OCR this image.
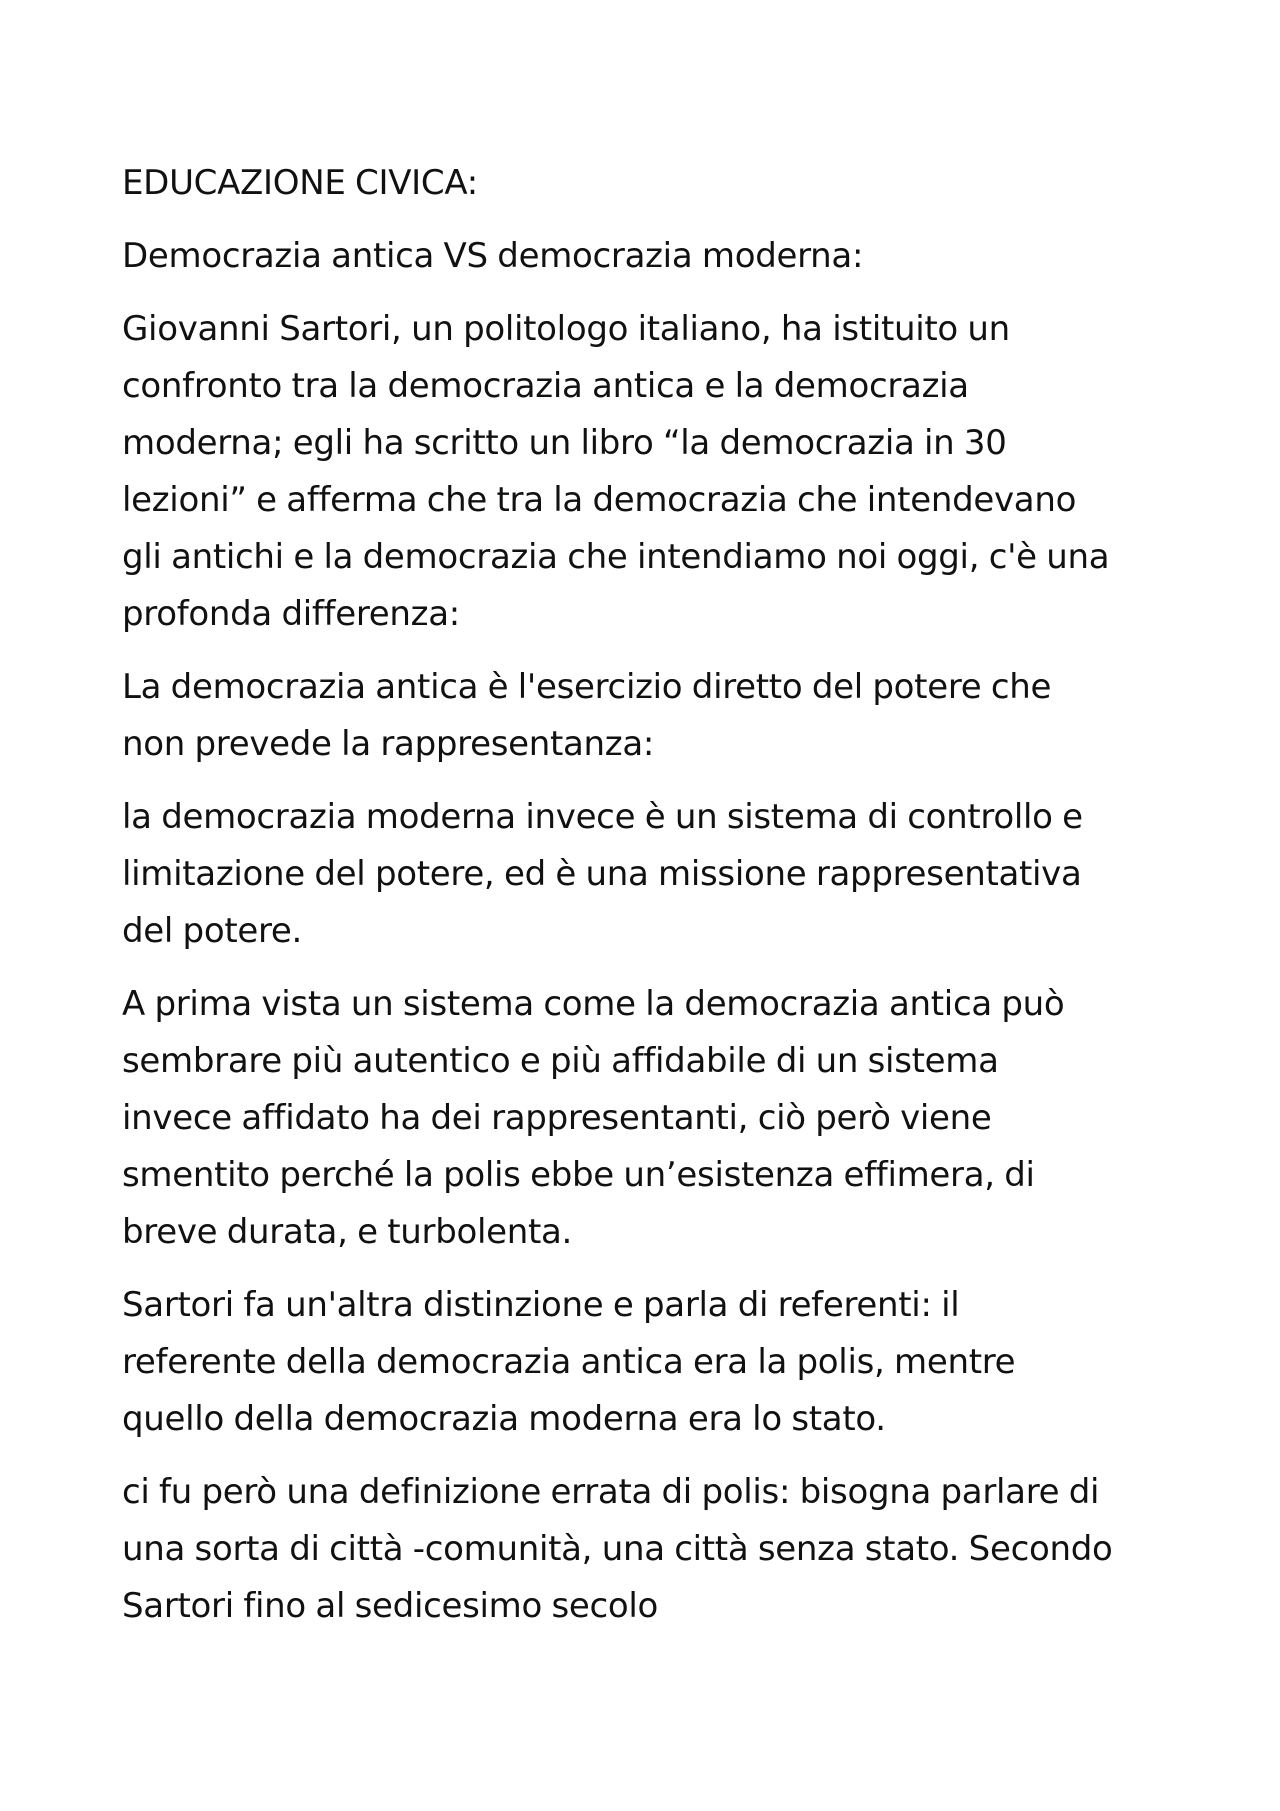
EDUCAZIONE CIVICA:

Democrazia antica VS democrazia moderna:

Giovanni Sartori, un politologo italiano, ha istituito un
confronto tra la democrazia antica e la democrazia
moderna; egli ha scritto un libro “la democrazia in 30
lezioni” e afferma che tra la democrazia che intendevano
gli antichi e la democrazia che intendiamo noi oggi, c'è una
profonda differenza:

La democrazia antica è l'esercizio diretto del potere che
non prevede la rappresentanza:

la democrazia moderna invece è un sistema di controllo e
limitazione del potere, ed è una missione rappresentativa
del potere.

A prima vista un sistema come la democrazia antica può
sembrare più autentico e più affidabile di un sistema
invece affidato ha dei rappresentanti, ciò però viene
smentito perché la polis ebbe un’esistenza effimera, di
breve durata, e turbolenta.

Sartori fa un'altra distinzione e parla di referenti: il
referente della democrazia antica era la polis, mentre
quello della democrazia moderna era lo stato.

ci fu però una definizione errata di polis: bisogna parlare di
una sorta di città -comunità, una città senza stato. Secondo
Sartori fino al sedicesimo secolo
